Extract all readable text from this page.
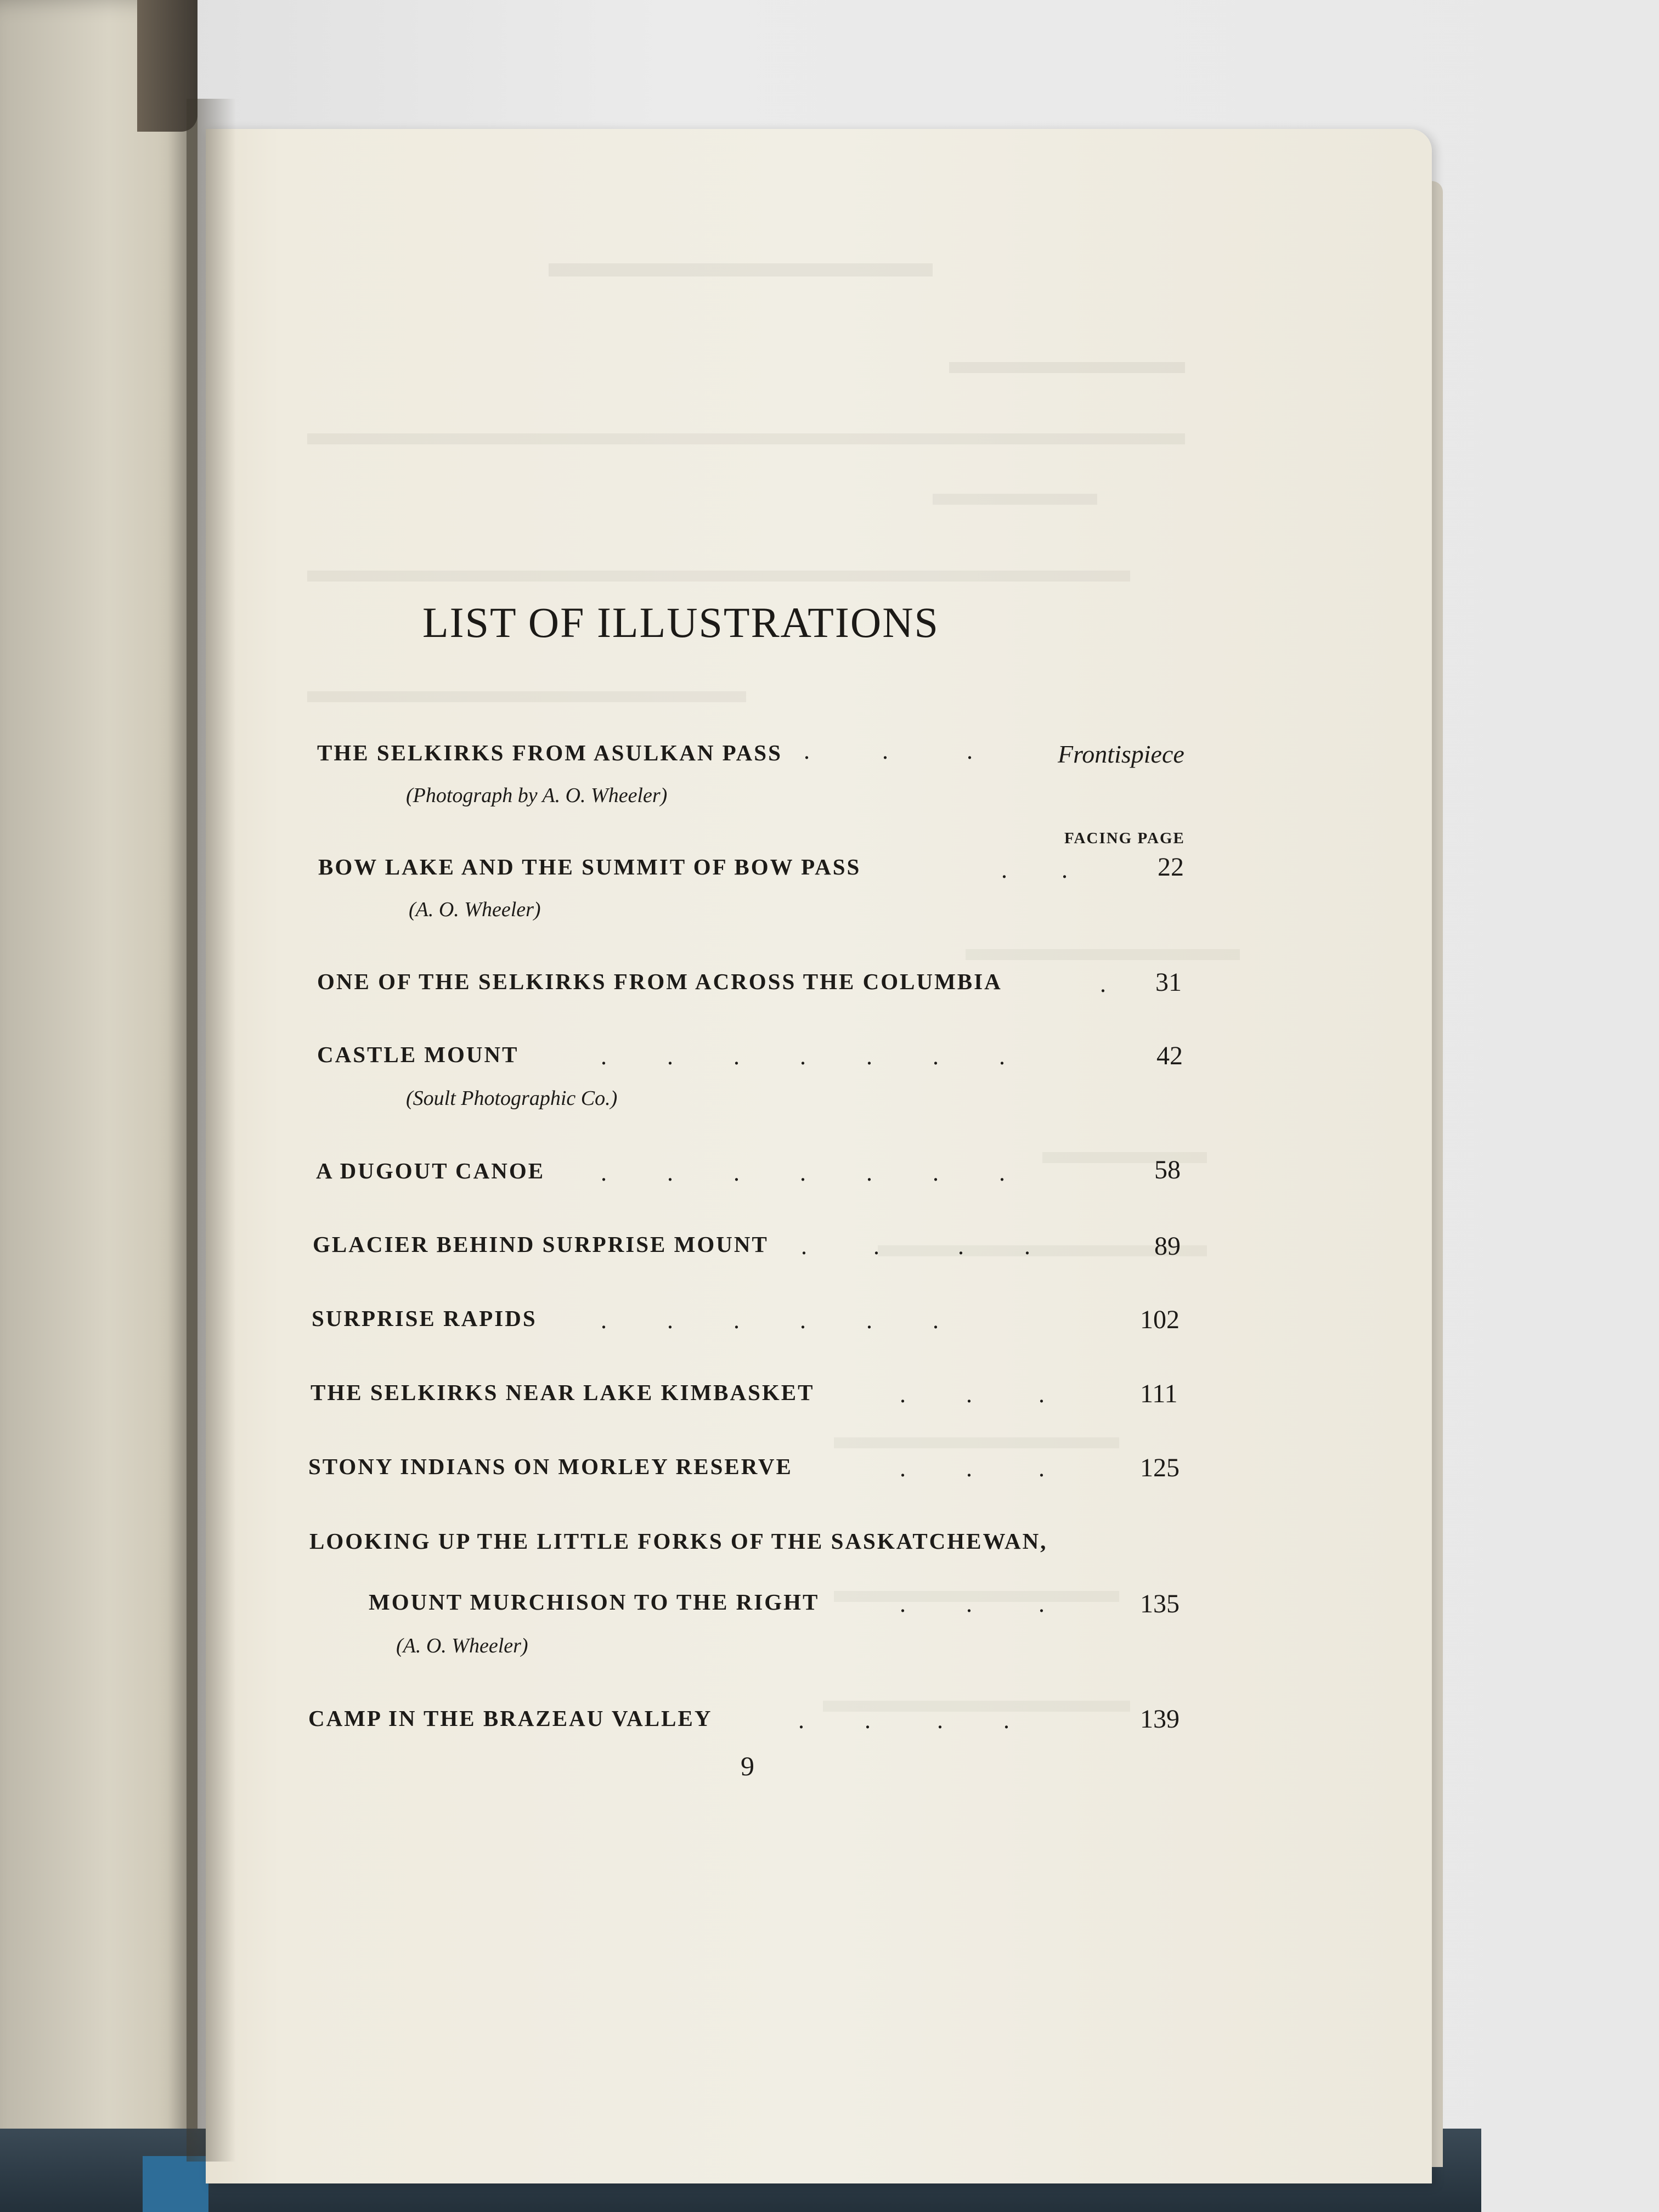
LIST OF ILLUSTRATIONS
THE SELKIRKS FROM ASULKAN PASS .            .             .	Frontispiece
(Photograph by A. O. Wheeler)
FACING PAGE
BOW LAKE AND THE SUMMIT OF BOW PASS	.         .	22
(A. O. Wheeler)
ONE OF THE SELKIRKS FROM ACROSS THE COLUMBIA	. 31
CASTLE MOUNT	.          .          .          .          .          .          .	42
(Soult Photographic Co.)
A DUGOUT CANOE .          .          .          .          .          .          .	58
GLACIER BEHIND SURPRISE MOUNT .           .             .          .	89
SURPRISE RAPIDS	.          .          .          .          .          .	102
THE SELKIRKS NEAR LAKE KIMBASKET	.          .           .	111
STONY INDIANS ON MORLEY RESERVE	.          .           .	125
LOOKING UP THE LITTLE FORKS OF THE SASKATCHEWAN,
MOUNT MURCHISON TO THE RIGHT	.          .           .	135
(A. O. Wheeler)
CAMP IN THE BRAZEAU VALLEY	.          .           .          .	139
9
